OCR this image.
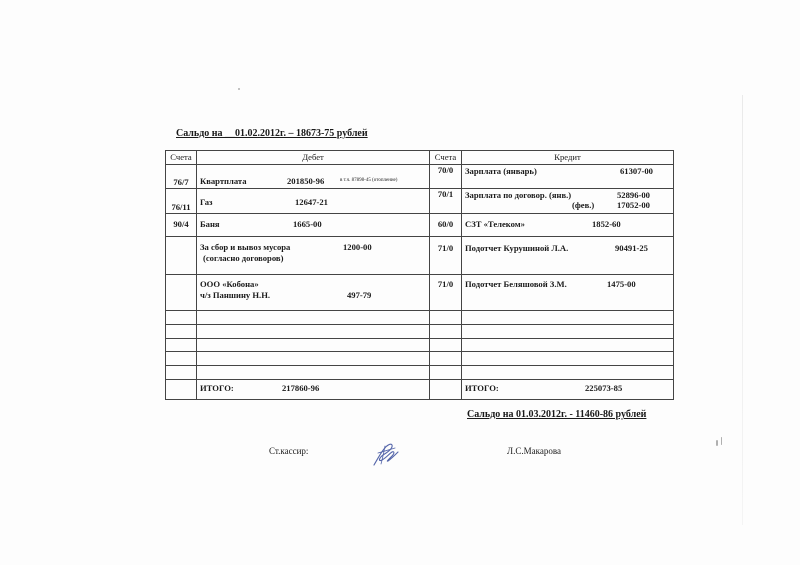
Сальдо на __01.02.2012г. – 18673-75 рублей
Счета	Дебет	Счета	Кредит
76/7	Квартплата 201850-96 в т.ч. 87898-45 (отопление)	70/0	Зарплата (январь) 61307-00

76/11	Газ 12647-21	70/1	Зарплата по договор. (янв.) 52896-00
(фев.) 17052-00

90/4	Баня 1665-00	60/0	СЗТ «Телеком» 1852-60

	За сбор и вывоз мусора 1200-00
(согласно договоров)	71/0	Подотчет Курушиной Л.А. 90491-25

	ООО «Кобона»
ч/з Паншину Н.Н. 497-79	71/0	Подотчет Беляшовой З.М. 1475-00

	ИТОГО: 217860-96		ИТОГО: 225073-85
Сальдо на 01.03.2012г. - 11460-86 рублей
Ст.кассир:	Л.С.Макарова
